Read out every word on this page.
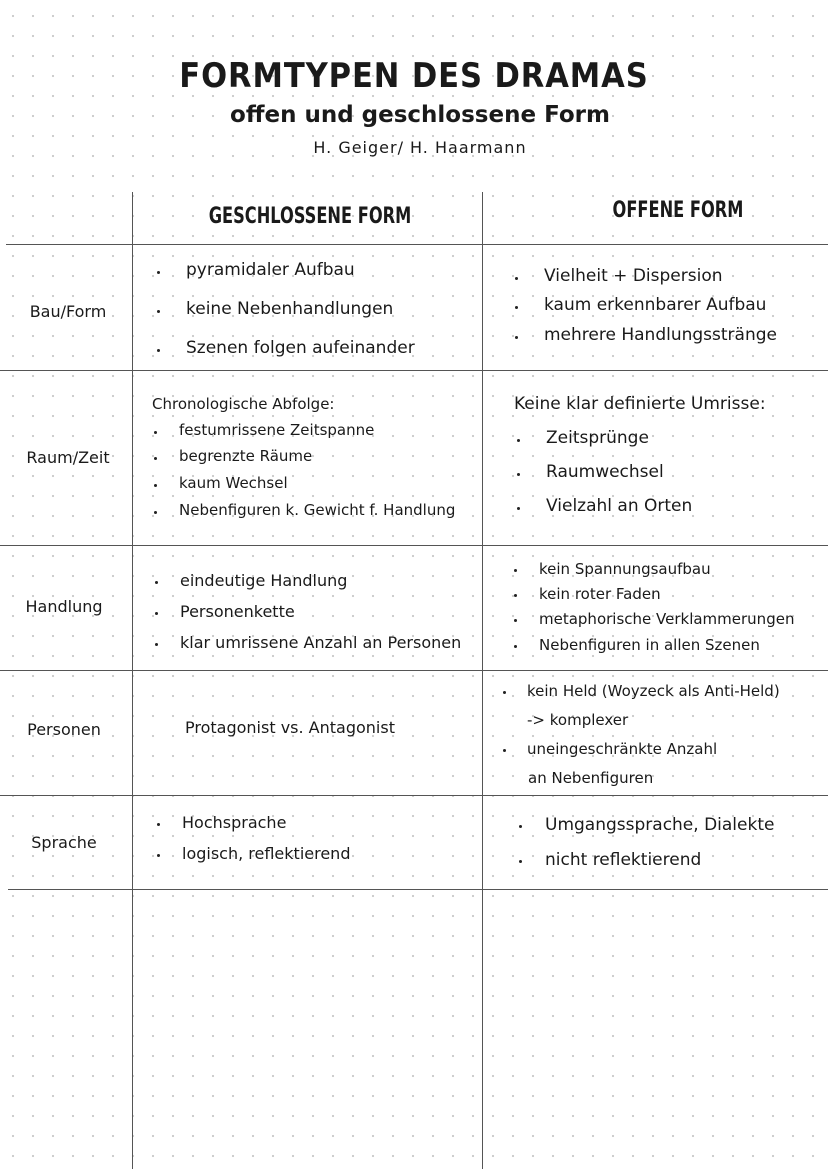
FORMTYPEN DES DRAMAS
offen und geschlossene Form
H. Geiger/ H. Haarmann
GESCHLOSSENE FORM	OFFENE FORM
Bau/Form
pyramidaler Aufbau
keine Nebenhandlungen
Szenen folgen aufeinander
Vielheit + Dispersion
kaum erkennbarer Aufbau
mehrere Handlungsstränge
Raum/Zeit
Chronologische Abfolge:
festumrissene Zeitspanne
begrenzte Räume
kaum Wechsel
Nebenfiguren k. Gewicht f. Handlung
Keine klar definierte Umrisse:
Zeitsprünge
Raumwechsel
Vielzahl an Orten
Handlung
eindeutige Handlung
Personenkette
klar umrissene Anzahl an Personen
kein Spannungsaufbau
kein roter Faden
metaphorische Verklammerungen
Nebenfiguren in allen Szenen
Personen	Protagonist vs. Antagonist
kein Held (Woyzeck als Anti-Held)
-> komplexer
uneingeschränkte Anzahl
an Nebenfiguren
Sprache
Hochsprache
logisch, reflektierend
Umgangssprache, Dialekte
nicht reflektierend
